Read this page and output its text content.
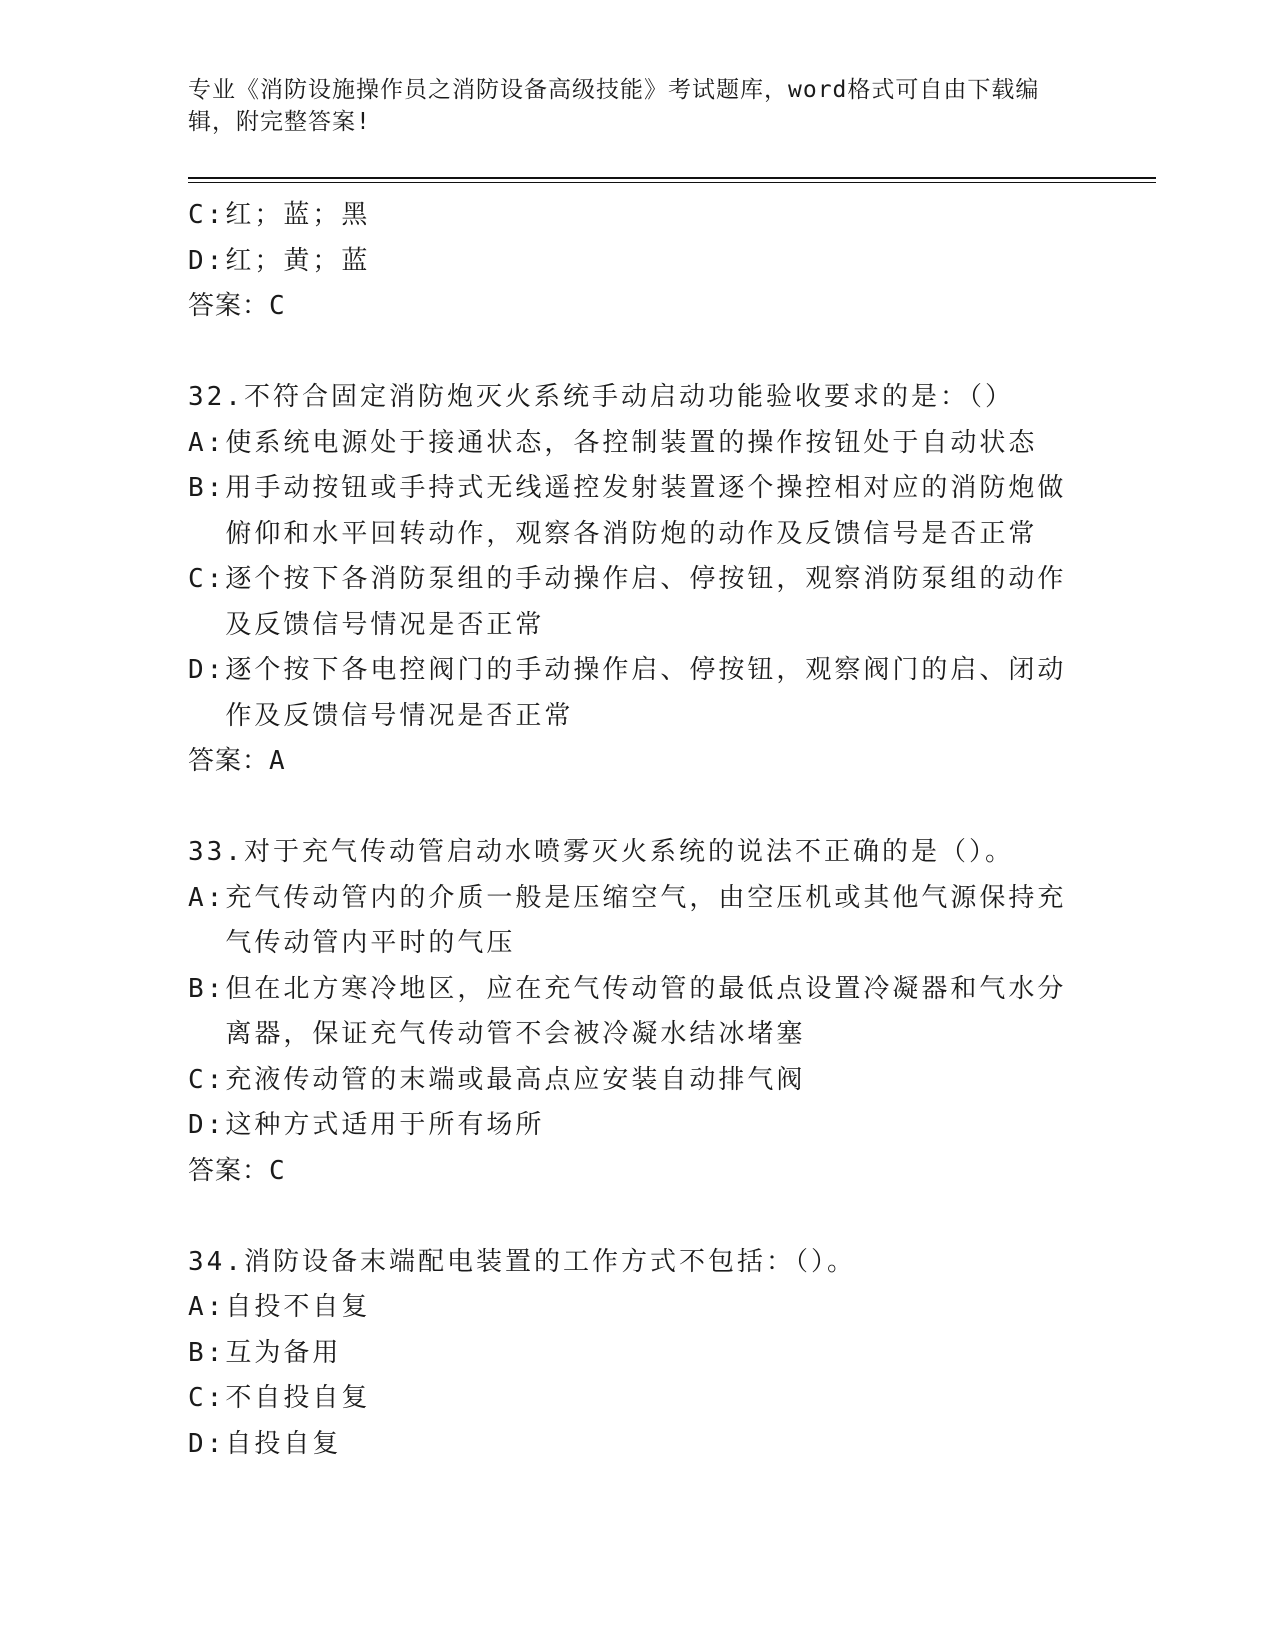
专业《消防设施操作员之消防设备高级技能》考试题库，word格式可自由下载编辑，附完整答案!
C: 红；蓝；黑
D: 红；黄；蓝
答案：C
32.不符合固定消防炮灭火系统手动启动功能验收要求的是：（）
A: 使系统电源处于接通状态，各控制装置的操作按钮处于自动状态
B: 用手动按钮或手持式无线遥控发射装置逐个操控相对应的消防炮做俯仰和水平回转动作，观察各消防炮的动作及反馈信号是否正常
C: 逐个按下各消防泵组的手动操作启、停按钮，观察消防泵组的动作及反馈信号情况是否正常
D: 逐个按下各电控阀门的手动操作启、停按钮，观察阀门的启、闭动作及反馈信号情况是否正常
答案：A
33.对于充气传动管启动水喷雾灭火系统的说法不正确的是（）。
A: 充气传动管内的介质一般是压缩空气，由空压机或其他气源保持充气传动管内平时的气压
B: 但在北方寒冷地区，应在充气传动管的最低点设置冷凝器和气水分离器，保证充气传动管不会被冷凝水结冰堵塞
C: 充液传动管的末端或最高点应安装自动排气阀
D: 这种方式适用于所有场所
答案：C
34.消防设备末端配电装置的工作方式不包括：（）。
A: 自投不自复
B: 互为备用
C: 不自投自复
D: 自投自复
